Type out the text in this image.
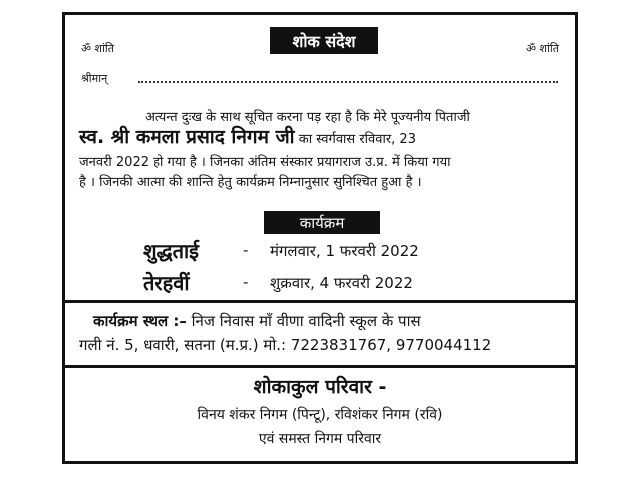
ॐ शांति	शोक संदेश	ॐ शांति
श्रीमान्
अत्यन्त दुःख के साथ सूचित करना पड़ रहा है कि मेरे पूज्यनीय पिताजी
स्व. श्री कमला प्रसाद निगम जी का स्वर्गवास रविवार, 23
जनवरी 2022 हो गया है । जिनका अंतिम संस्कार प्रयागराज उ.प्र. में किया गया
है । जिनकी आत्मा की शान्ति हेतु कार्यक्रम निम्नानुसार सुनिश्चित हुआ है ।
कार्यक्रम
शुद्धताई	- मंगलवार, 1 फरवरी 2022
तेरहवीं	- शुक्रवार, 4 फरवरी 2022
कार्यक्रम स्थल :– निज निवास माँ वीणा वादिनी स्कूल के पास
गली नं. 5, धवारी, सतना (म.प्र.) मो.: 7223831767, 9770044112
शोकाकुल परिवार -
विनय शंकर निगम (पिन्टू), रविशंकर निगम (रवि)
एवं समस्त निगम परिवार
